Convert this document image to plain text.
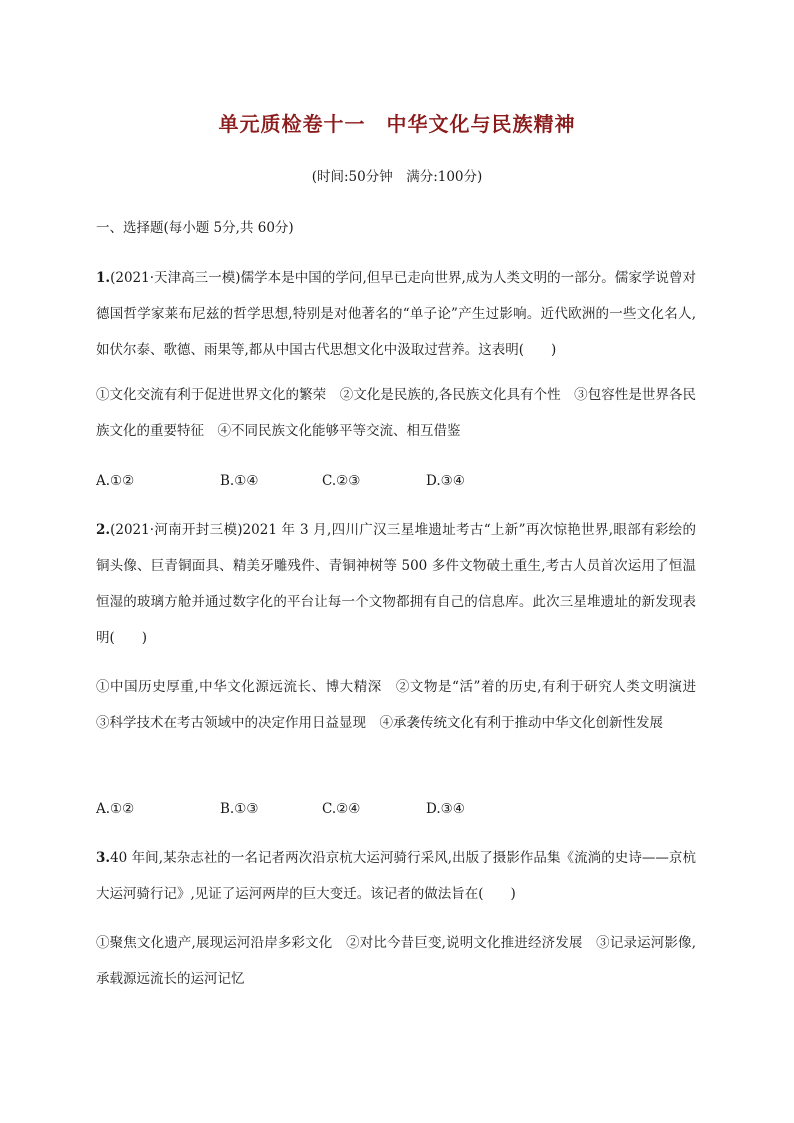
单元质检卷十一　中华文化与民族精神
(时间:50分钟　满分:100分)
一、选择题(每小题 5分,共 60分)
1.(2021·天津高三一模)儒学本是中国的学问,但早已走向世界,成为人类文明的一部分。儒家学说曾对德国哲学家莱布尼兹的哲学思想,特别是对他著名的“单子论”产生过影响。近代欧洲的一些文化名人,如伏尔泰、歌德、雨果等,都从中国古代思想文化中汲取过营养。这表明(　　)
①文化交流有利于促进世界文化的繁荣　②文化是民族的,各民族文化具有个性　③包容性是世界各民族文化的重要特征　④不同民族文化能够平等交流、相互借鉴
A.①②	B.①④	C.②③	D.③④
2.(2021·河南开封三模)2021 年 3 月,四川广汉三星堆遗址考古“上新”再次惊艳世界,眼部有彩绘的铜头像、巨青铜面具、精美牙雕残件、青铜神树等 500 多件文物破土重生,考古人员首次运用了恒温恒湿的玻璃方舱并通过数字化的平台让每一个文物都拥有自己的信息库。此次三星堆遗址的新发现表明(　　)
①中国历史厚重,中华文化源远流长、博大精深　②文物是“活”着的历史,有利于研究人类文明演进　③科学技术在考古领域中的决定作用日益显现　④承袭传统文化有利于推动中华文化创新性发展
A.①②	B.①③	C.②④	D.③④
3.40 年间,某杂志社的一名记者两次沿京杭大运河骑行采风,出版了摄影作品集《流淌的史诗——京杭大运河骑行记》,见证了运河两岸的巨大变迁。该记者的做法旨在(　　)
①聚焦文化遗产,展现运河沿岸多彩文化　②对比今昔巨变,说明文化推进经济发展　③记录运河影像,承载源远流长的运河记忆
